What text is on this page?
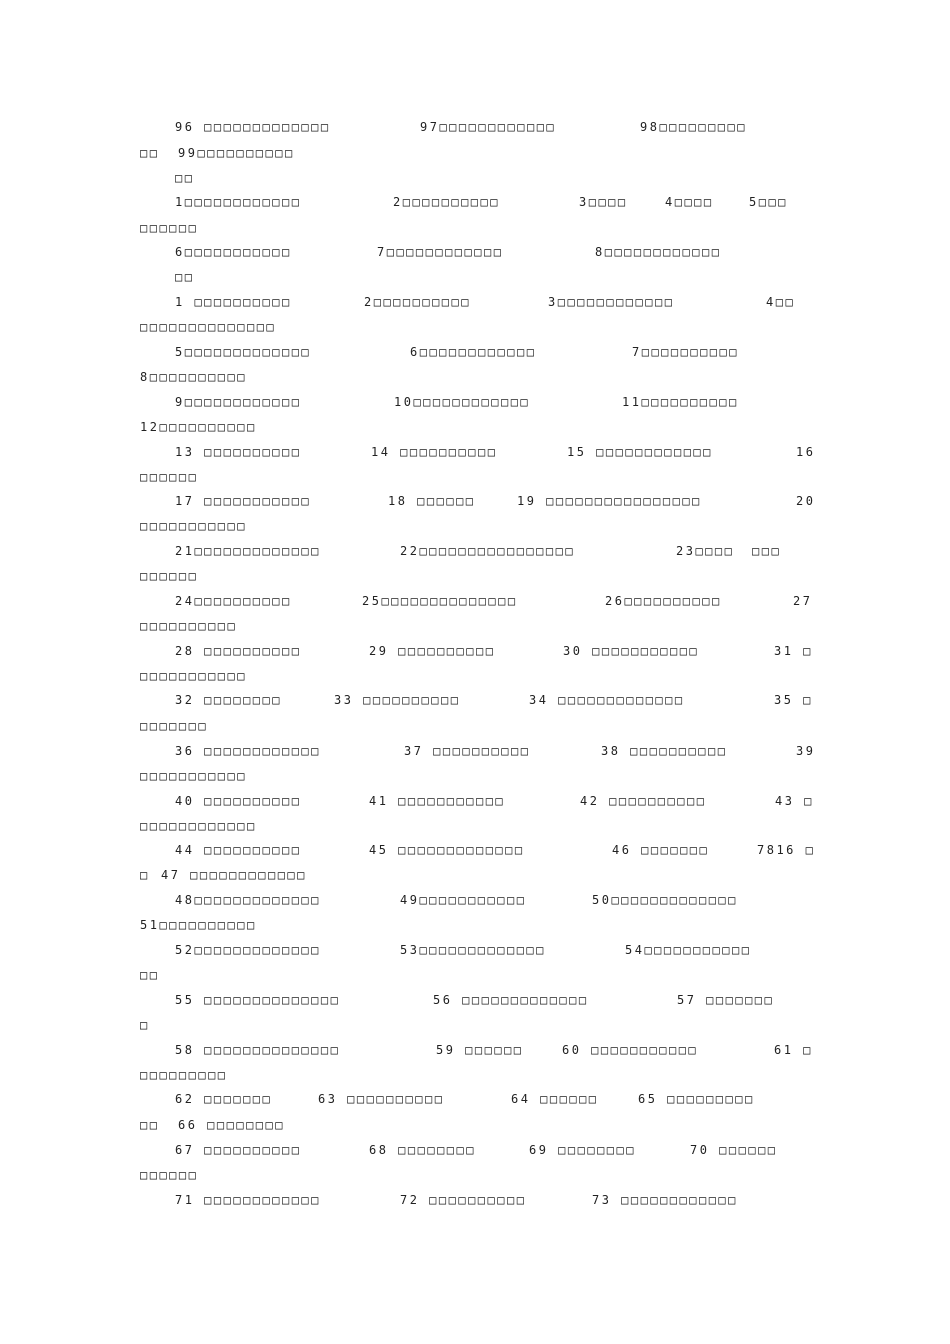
96 □□□□□□□□□□□□□	97□□□□□□□□□□□□	98□□□□□□□□□
□□ 99□□□□□□□□□□
□□
1□□□□□□□□□□□□	2□□□□□□□□□□	3□□□□	4□□□□	5□□□
□□□□□□
6□□□□□□□□□□□	7□□□□□□□□□□□□	8□□□□□□□□□□□□
□□
1 □□□□□□□□□□	2□□□□□□□□□□	3□□□□□□□□□□□□	4□□
□□□□□□□□□□□□□□
5□□□□□□□□□□□□□	6□□□□□□□□□□□□	7□□□□□□□□□□
8□□□□□□□□□□
9□□□□□□□□□□□□	10□□□□□□□□□□□□	11□□□□□□□□□□
12□□□□□□□□□□
13 □□□□□□□□□□	14 □□□□□□□□□□	15 □□□□□□□□□□□□	16
□□□□□□
17 □□□□□□□□□□□	18 □□□□□□	19 □□□□□□□□□□□□□□□□	20
□□□□□□□□□□□
21□□□□□□□□□□□□□	22□□□□□□□□□□□□□□□□	23□□□□ □□□
□□□□□□
24□□□□□□□□□□	25□□□□□□□□□□□□□□	26□□□□□□□□□□	27
□□□□□□□□□□
28 □□□□□□□□□□	29 □□□□□□□□□□	30 □□□□□□□□□□□	31 □
□□□□□□□□□□□
32 □□□□□□□□	33 □□□□□□□□□□	34 □□□□□□□□□□□□□	35 □
□□□□□□□
36 □□□□□□□□□□□□	37 □□□□□□□□□□	38 □□□□□□□□□□	39
□□□□□□□□□□□
40 □□□□□□□□□□	41 □□□□□□□□□□□	42 □□□□□□□□□□	43 □
□□□□□□□□□□□□
44 □□□□□□□□□□	45 □□□□□□□□□□□□□	46 □□□□□□□	7816 □
□ 47 □□□□□□□□□□□□
48□□□□□□□□□□□□□	49□□□□□□□□□□□	50□□□□□□□□□□□□□
51□□□□□□□□□□
52□□□□□□□□□□□□□	53□□□□□□□□□□□□□	54□□□□□□□□□□□
□□
55 □□□□□□□□□□□□□□	56 □□□□□□□□□□□□□	57 □□□□□□□
□
58 □□□□□□□□□□□□□□	59 □□□□□□	60 □□□□□□□□□□□	61 □
□□□□□□□□□
62 □□□□□□□	63 □□□□□□□□□□	64 □□□□□□	65 □□□□□□□□□
□□ 66 □□□□□□□□
67 □□□□□□□□□□	68 □□□□□□□□	69 □□□□□□□□	70 □□□□□□
□□□□□□
71 □□□□□□□□□□□□	72 □□□□□□□□□□	73 □□□□□□□□□□□□
